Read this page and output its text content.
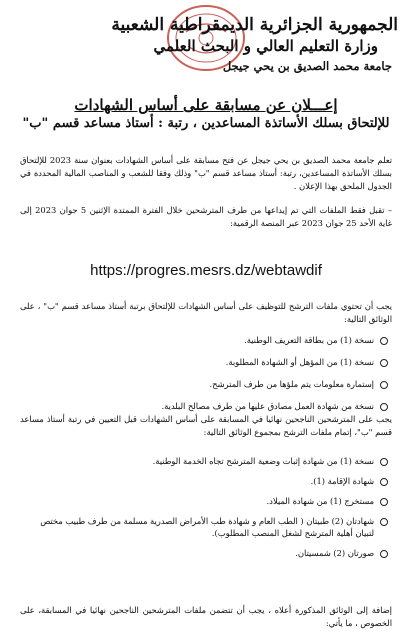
الجمهورية الجزائرية الديمقراطية الشعبية
وزارة التعليم العالي و البحث العلمي
جامعة محمد الصديق بن يحي جيجل
إعـــلان عن مسابقة على أساس الشهادات
للإلتحاق بسلك الأساتذة المساعدين ، رتبة : أستاذ مساعد قسم "ب"
تعلم جامعة محمد الصديق بن يحي جيجل عن فتح مسابقة على أساس الشهادات بعنوان سنة 2023 للإلتحاق بسلك الأساتذة المساعدين، رتبة: أستاذ مساعد قسم "ب" وذلك وفقا للشعب و المناصب المالية المحددة في الجدول الملحق بهذا الإعلان .
– تقبل فقط الملفات التي تم إيداعها من طرف المترشحين خلال الفترة الممتدة الإثنين 5 جوان 2023 إلى غاية الأحد 25 جوان 2023 عبر المنصة الرقمية:
https://progres.mesrs.dz/webtawdif
يجب أن تحتوي ملفات الترشح للتوظيف على أساس الشهادات للإلتحاق برتبة أستاذ مساعد قسم "ب" ، على الوثائق التالية:
نسخة (1) من بطاقة التعريف الوطنية.
نسخة (1) من المؤهل أو الشهادة المطلوبة.
إستمارة معلومات يتم ملؤها من طرف المترشح.
نسخة من شهادة العمل مصادق عليها من طرف مصالح البلدية.
يجب على المترشحين الناجحين نهائيا في المسابقة على أساس الشهادات قبل التعيين في رتبة أستاذ مساعد قسم "ب"، إتمام ملفات الترشح بمجموع الوثائق التالية:
نسخة (1) من شهادة إثبات وضعية المترشح تجاه الخدمة الوطنية.
شهادة الإقامة (1).
مستخرج (1) من شهادة الميلاد.
شهادتان (2) طبيتان ( الطب العام و شهادة طب الأمراض الصدرية مسلمة من طرف طبيب مختص لتبيان أهلية المترشح لشغل المنصب المطلوب).
صورتان (2) شمسيتان.
إضافة إلى الوثائق المذكورة أعلاه ، يجب أن تتضمن ملفات المترشحين الناجحين نهائيا في المسابقة، على الخصوص ، ما يأتي:
